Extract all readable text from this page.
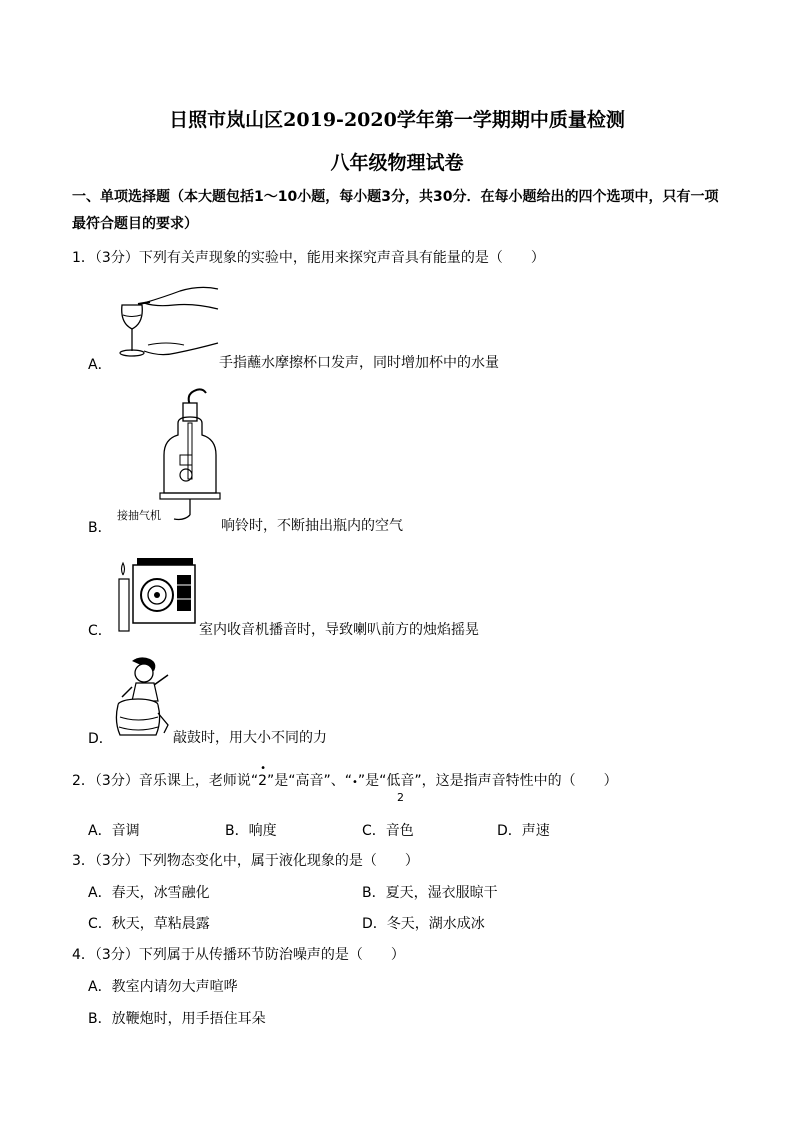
日照市岚山区2019-2020学年第一学期期中质量检测
八年级物理试卷
一、单项选择题（本大题包括1～10小题，每小题3分，共30分．在每小题给出的四个选项中，只有一项
最符合题目的要求）
1．（3分）下列有关声现象的实验中，能用来探究声音具有能量的是（　　）
A．	手指蘸水摩擦杯口发声，同时增加杯中的水量
B．
接抽气机
响铃时，不断抽出瓶内的空气
C．	室内收音机播音时，导致喇叭前方的烛焰摇晃
D．	敲鼓时，用大小不同的力
2．（3分）音乐课上，老师说“• 2”是“高音”、“•”是“低音”，这是指声音特性中的（　　）
2
A．音调	B．响度	C．音色	D．声速
3．（3分）下列物态变化中，属于液化现象的是（　　）
A．春天，冰雪融化	B．夏天，湿衣服晾干
C．秋天，草粘晨露	D．冬天，湖水成冰
4．（3分）下列属于从传播环节防治噪声的是（　　）
A．教室内请勿大声喧哗
B．放鞭炮时，用手捂住耳朵
